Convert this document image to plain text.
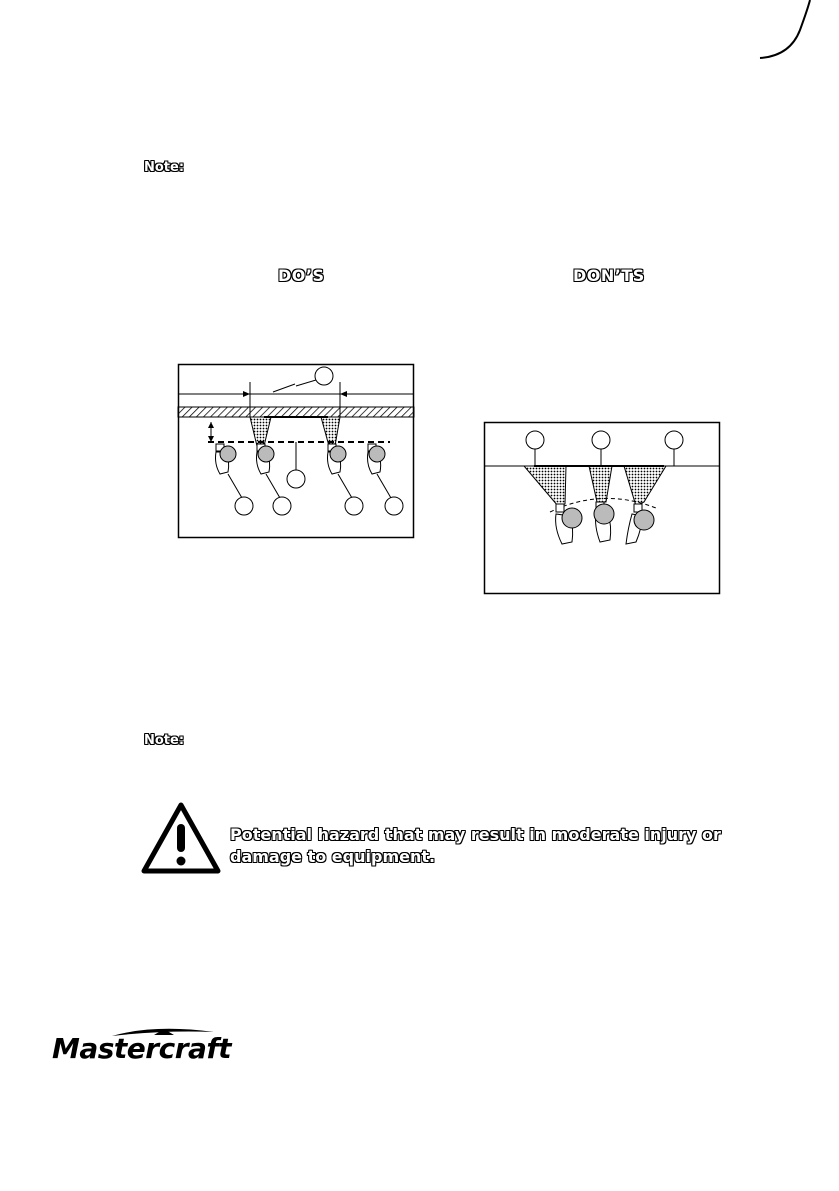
Note:
DO’S	DON’TS
Note:
Potential hazard that may result in moderate injury or damage to equipment.
Mastercraft
